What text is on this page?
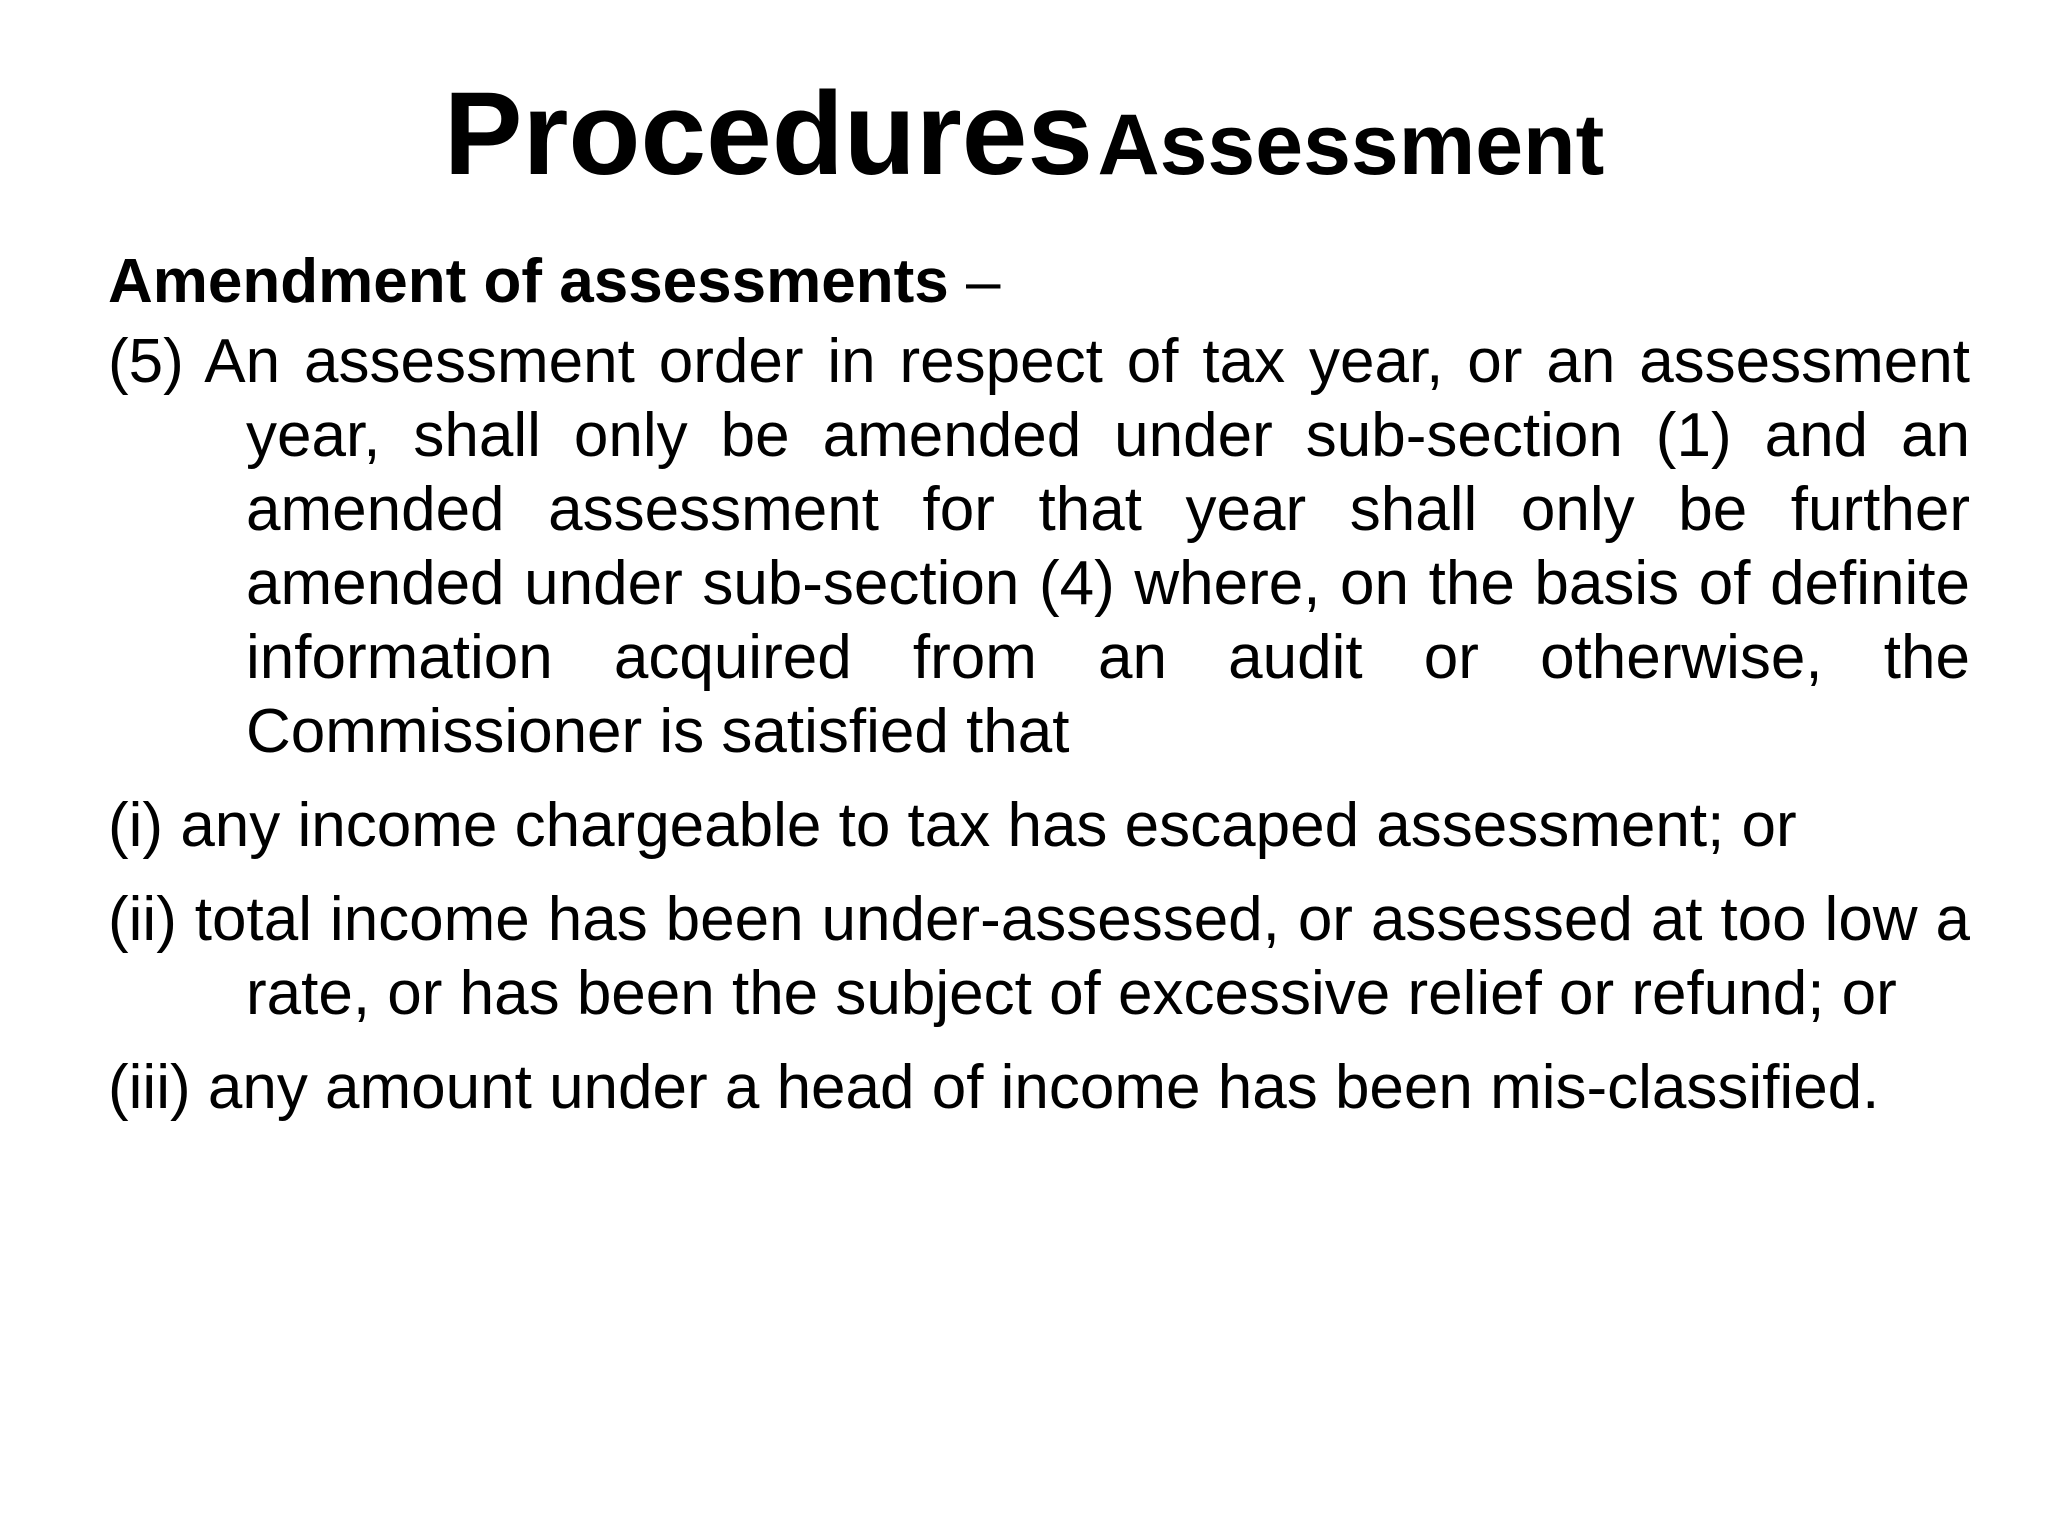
Procedures Assessment
Amendment of assessments –
(5) An assessment order in respect of tax year, or an assessment year, shall only be amended under sub-section (1) and an amended assessment for that year shall only be further amended under sub-section (4) where, on the basis of definite information acquired from an audit or otherwise, the Commissioner is satisfied that
(i) any income chargeable to tax has escaped assessment; or
(ii) total income has been under-assessed, or assessed at too low a rate, or has been the subject of excessive relief or refund; or
(iii) any amount under a head of income has been mis-classified.
